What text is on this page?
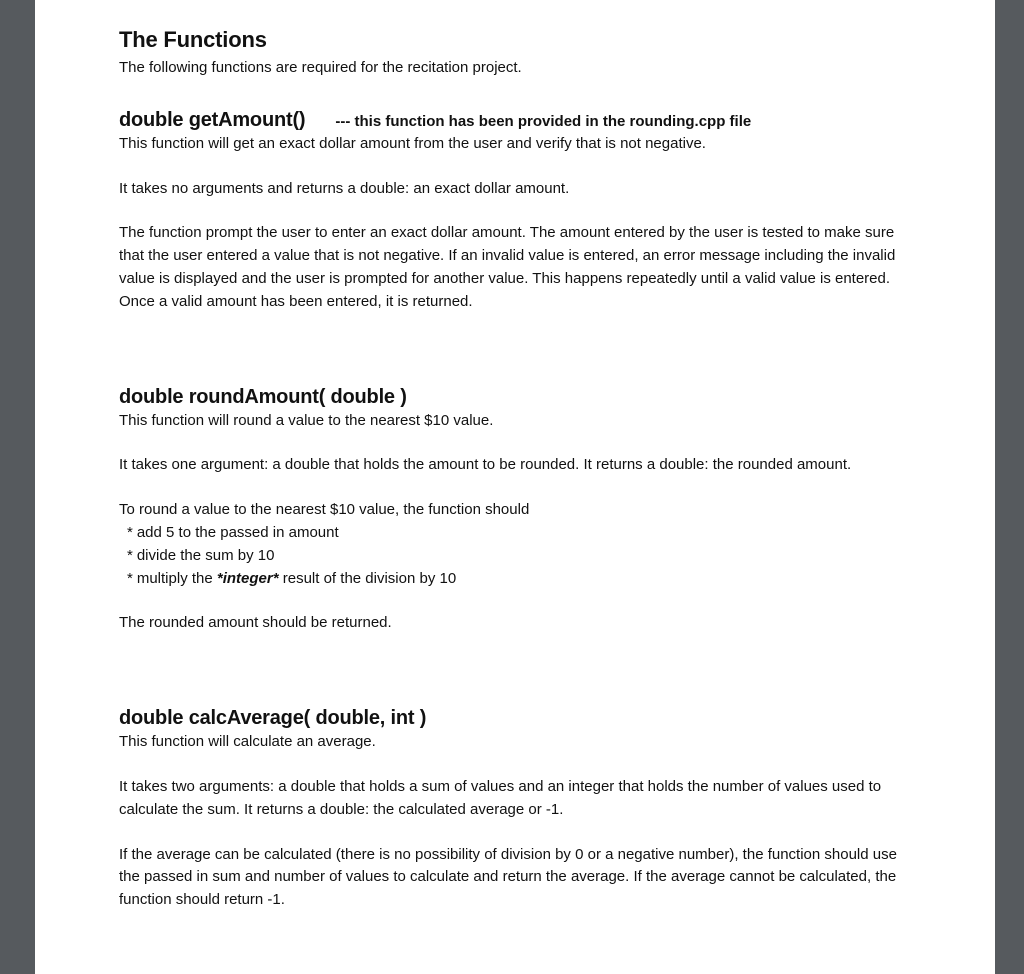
The Functions

The following functions are required for the recitation project.

double getAmount() --- this function has been provided in the rounding.cpp file

This function will get an exact dollar amount from the user and verify that is not negative.

It takes no arguments and returns a double: an exact dollar amount.

The function prompt the user to enter an exact dollar amount. The amount entered by the user is tested to make sure that the user entered a value that is not negative. If an invalid value is entered, an error message including the invalid value is displayed and the user is prompted for another value. This happens repeatedly until a valid value is entered. Once a valid amount has been entered, it is returned.

double roundAmount( double )

This function will round a value to the nearest $10 value.

It takes one argument: a double that holds the amount to be rounded. It returns a double: the rounded amount.

To round a value to the nearest $10 value, the function should

* add 5 to the passed in amount
* divide the sum by 10
* multiply the *integer* result of the division by 10

The rounded amount should be returned.

double calcAverage( double, int )

This function will calculate an average.

It takes two arguments: a double that holds a sum of values and an integer that holds the number of values used to calculate the sum. It returns a double: the calculated average or -1.

If the average can be calculated (there is no possibility of division by 0 or a negative number), the function should use the passed in sum and number of values to calculate and return the average. If the average cannot be calculated, the function should return -1.
